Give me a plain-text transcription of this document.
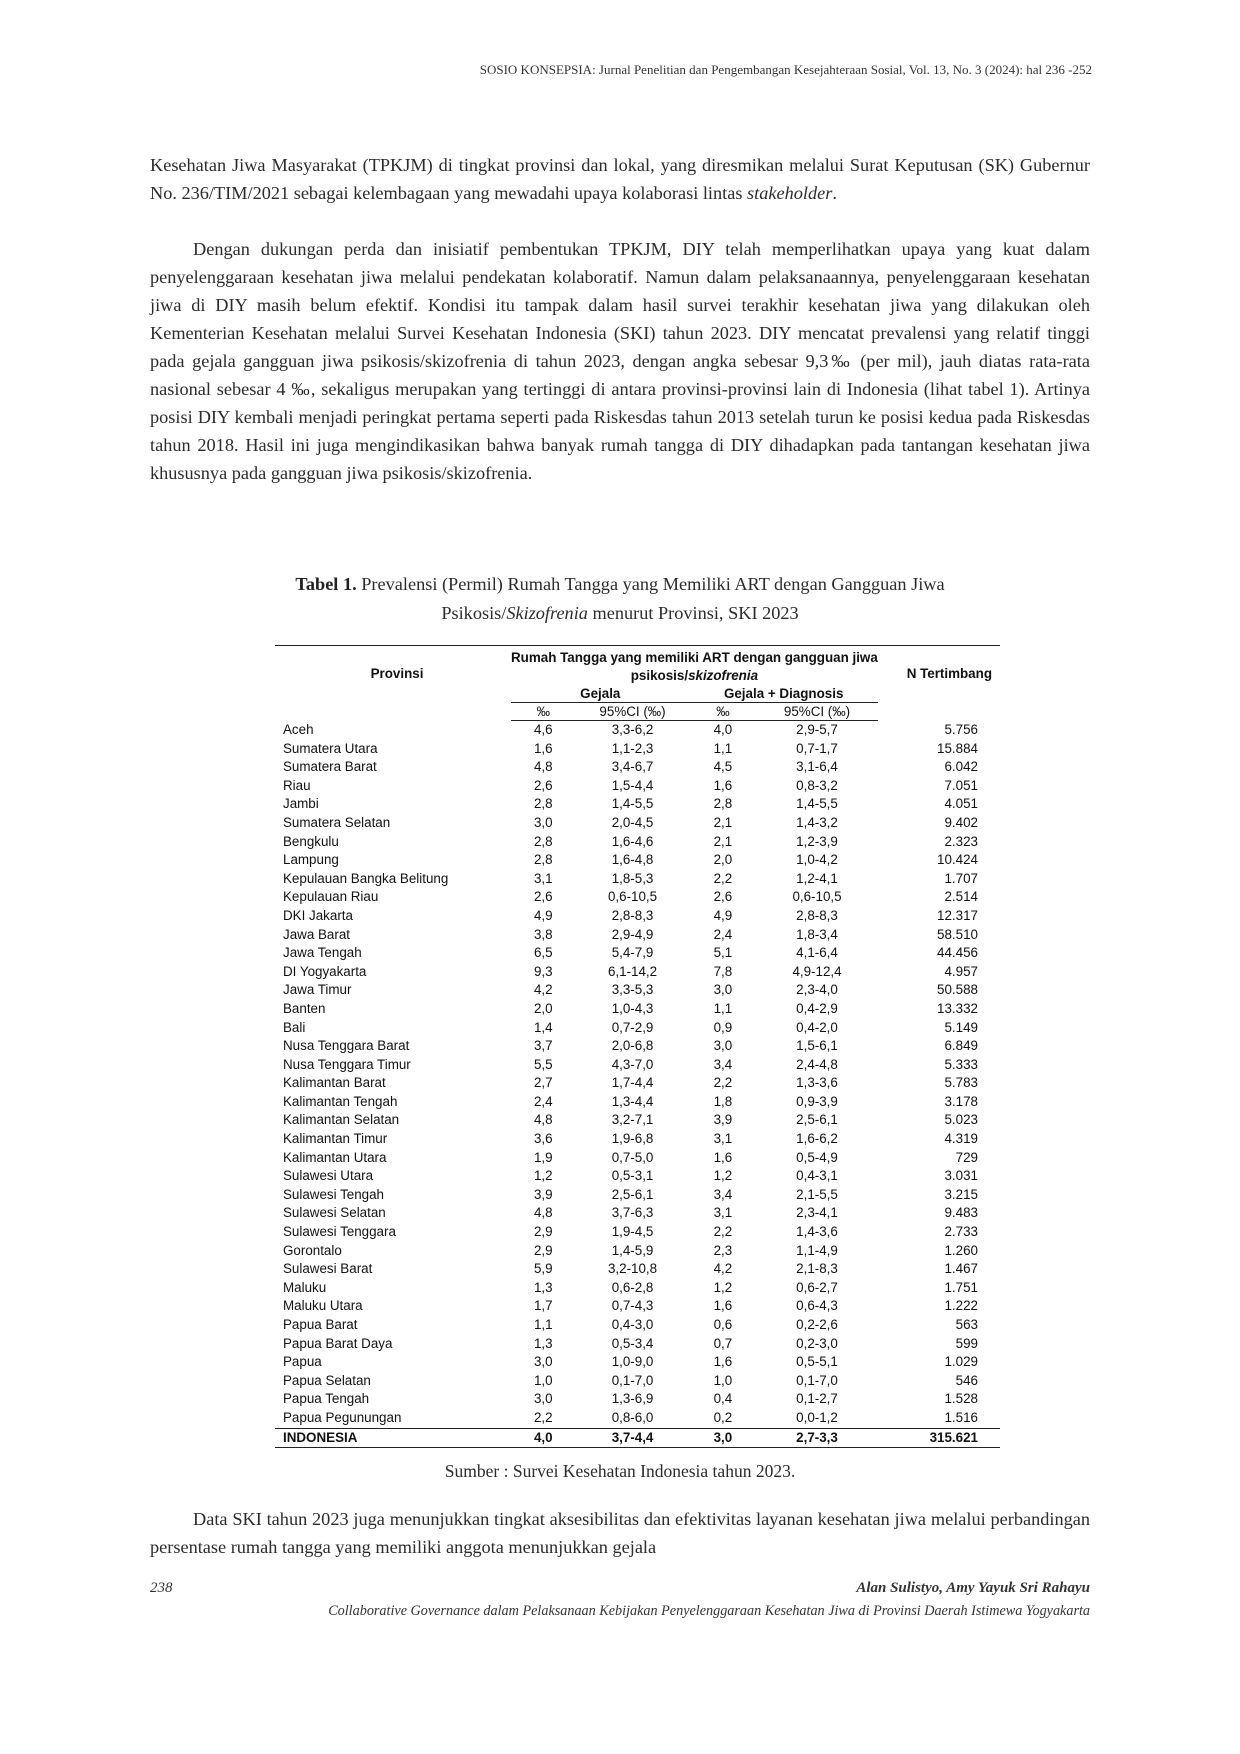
SOSIO KONSEPSIA: Jurnal Penelitian dan Pengembangan Kesejahteraan Sosial, Vol. 13, No. 3 (2024): hal 236 -252

Kesehatan Jiwa Masyarakat (TPKJM) di tingkat provinsi dan lokal, yang diresmikan melalui Surat Keputusan (SK) Gubernur No. 236/TIM/2021 sebagai kelembagaan yang mewadahi upaya kolaborasi lintas stakeholder.

Dengan dukungan perda dan inisiatif pembentukan TPKJM, DIY telah memperlihatkan upaya yang kuat dalam penyelenggaraan kesehatan jiwa melalui pendekatan kolaboratif. Namun dalam pelaksanaannya, penyelenggaraan kesehatan jiwa di DIY masih belum efektif. Kondisi itu tampak dalam hasil survei terakhir kesehatan jiwa yang dilakukan oleh Kementerian Kesehatan melalui Survei Kesehatan Indonesia (SKI) tahun 2023. DIY mencatat prevalensi yang relatif tinggi pada gejala gangguan jiwa psikosis/skizofrenia di tahun 2023, dengan angka sebesar 9,3‰ (per mil), jauh diatas rata-rata nasional sebesar 4 ‰, sekaligus merupakan yang tertinggi di antara provinsi-provinsi lain di Indonesia (lihat tabel 1). Artinya posisi DIY kembali menjadi peringkat pertama seperti pada Riskesdas tahun 2013 setelah turun ke posisi kedua pada Riskesdas tahun 2018. Hasil ini juga mengindikasikan bahwa banyak rumah tangga di DIY dihadapkan pada tantangan kesehatan jiwa khususnya pada gangguan jiwa psikosis/skizofrenia.

Tabel 1. Prevalensi (Permil) Rumah Tangga yang Memiliki ART dengan Gangguan Jiwa
Psikosis/Skizofrenia menurut Provinsi, SKI 2023
Provinsi	Rumah Tangga yang memiliki ART dengan gangguan jiwa
psikosis/skizofrenia				N Tertimbang
	Gejala		Gejala + Diagnosis		
	‰	95%CI (‰)	‰	95%CI (‰)	
Aceh	4,6	3,3-6,2	4,0	2,9-5,7	5.756
Sumatera Utara	1,6	1,1-2,3	1,1	0,7-1,7	15.884
Sumatera Barat	4,8	3,4-6,7	4,5	3,1-6,4	6.042
Riau	2,6	1,5-4,4	1,6	0,8-3,2	7.051
Jambi	2,8	1,4-5,5	2,8	1,4-5,5	4.051
Sumatera Selatan	3,0	2,0-4,5	2,1	1,4-3,2	9.402
Bengkulu	2,8	1,6-4,6	2,1	1,2-3,9	2.323
Lampung	2,8	1,6-4,8	2,0	1,0-4,2	10.424
Kepulauan Bangka Belitung	3,1	1,8-5,3	2,2	1,2-4,1	1.707
Kepulauan Riau	2,6	0,6-10,5	2,6	0,6-10,5	2.514
DKI Jakarta	4,9	2,8-8,3	4,9	2,8-8,3	12.317
Jawa Barat	3,8	2,9-4,9	2,4	1,8-3,4	58.510
Jawa Tengah	6,5	5,4-7,9	5,1	4,1-6,4	44.456
DI Yogyakarta	9,3	6,1-14,2	7,8	4,9-12,4	4.957
Jawa Timur	4,2	3,3-5,3	3,0	2,3-4,0	50.588
Banten	2,0	1,0-4,3	1,1	0,4-2,9	13.332
Bali	1,4	0,7-2,9	0,9	0,4-2,0	5.149
Nusa Tenggara Barat	3,7	2,0-6,8	3,0	1,5-6,1	6.849
Nusa Tenggara Timur	5,5	4,3-7,0	3,4	2,4-4,8	5.333
Kalimantan Barat	2,7	1,7-4,4	2,2	1,3-3,6	5.783
Kalimantan Tengah	2,4	1,3-4,4	1,8	0,9-3,9	3.178
Kalimantan Selatan	4,8	3,2-7,1	3,9	2,5-6,1	5.023
Kalimantan Timur	3,6	1,9-6,8	3,1	1,6-6,2	4.319
Kalimantan Utara	1,9	0,7-5,0	1,6	0,5-4,9	729
Sulawesi Utara	1,2	0,5-3,1	1,2	0,4-3,1	3.031
Sulawesi Tengah	3,9	2,5-6,1	3,4	2,1-5,5	3.215
Sulawesi Selatan	4,8	3,7-6,3	3,1	2,3-4,1	9.483
Sulawesi Tenggara	2,9	1,9-4,5	2,2	1,4-3,6	2.733
Gorontalo	2,9	1,4-5,9	2,3	1,1-4,9	1.260
Sulawesi Barat	5,9	3,2-10,8	4,2	2,1-8,3	1.467
Maluku	1,3	0,6-2,8	1,2	0,6-2,7	1.751
Maluku Utara	1,7	0,7-4,3	1,6	0,6-4,3	1.222
Papua Barat	1,1	0,4-3,0	0,6	0,2-2,6	563
Papua Barat Daya	1,3	0,5-3,4	0,7	0,2-3,0	599
Papua	3,0	1,0-9,0	1,6	0,5-5,1	1.029
Papua Selatan	1,0	0,1-7,0	1,0	0,1-7,0	546
Papua Tengah	3,0	1,3-6,9	0,4	0,1-2,7	1.528
Papua Pegunungan	2,2	0,8-6,0	0,2	0,0-1,2	1.516
INDONESIA	4,0	3,7-4,4	3,0	2,7-3,3	315.621
Sumber : Survei Kesehatan Indonesia tahun 2023.

Data SKI tahun 2023 juga menunjukkan tingkat aksesibilitas dan efektivitas layanan kesehatan jiwa melalui perbandingan persentase rumah tangga yang memiliki anggota menunjukkan gejala

238	Alan Sulistyo, Amy Yayuk Sri Rahayu
Collaborative Governance dalam Pelaksanaan Kebijakan Penyelenggaraan Kesehatan Jiwa di Provinsi Daerah Istimewa Yogyakarta
